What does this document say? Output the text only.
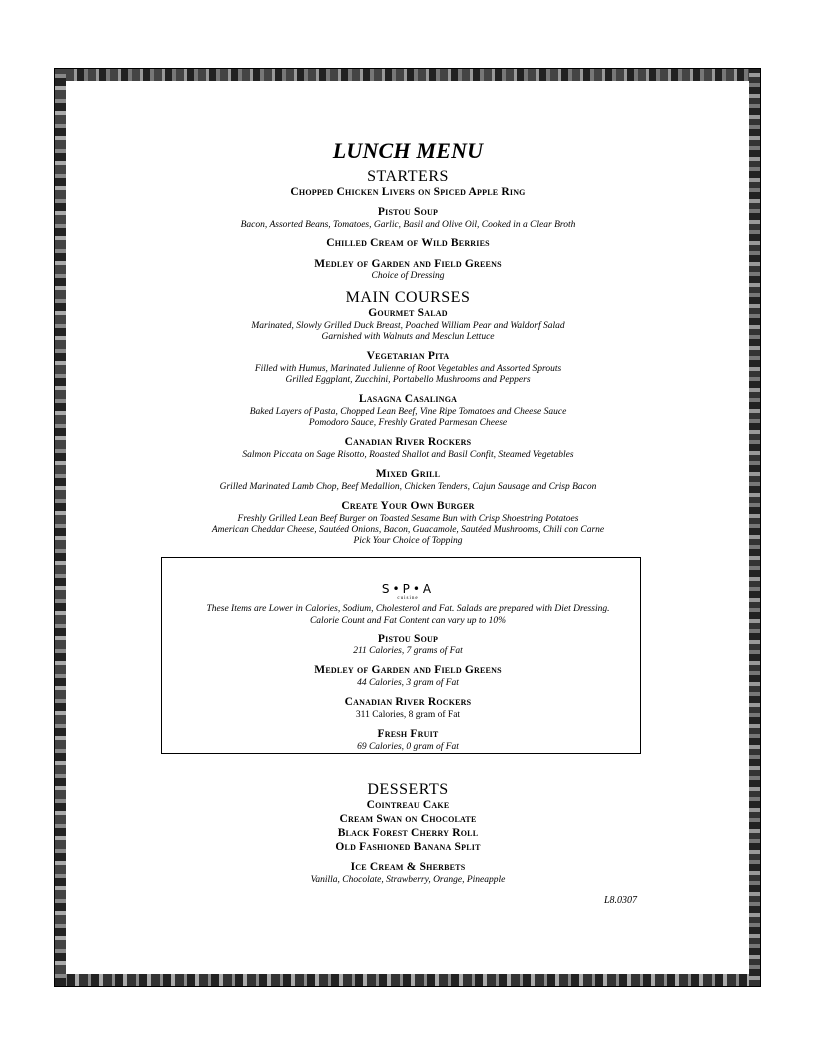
LUNCH MENU
STARTERS
Chopped Chicken Livers on Spiced Apple Ring
Pistou Soup
Bacon, Assorted Beans, Tomatoes, Garlic, Basil and Olive Oil, Cooked in a Clear Broth
Chilled Cream of Wild Berries
Medley of Garden and Field Greens
Choice of Dressing
MAIN COURSES
Gourmet Salad
Marinated, Slowly Grilled Duck Breast, Poached William Pear and Waldorf Salad
Garnished with Walnuts and Mesclun Lettuce
Vegetarian Pita
Filled with Humus, Marinated Julienne of Root Vegetables and Assorted Sprouts
Grilled Eggplant, Zucchini, Portabello Mushrooms and Peppers
Lasagna Casalinga
Baked Layers of Pasta, Chopped Lean Beef, Vine Ripe Tomatoes and Cheese Sauce
Pomodoro Sauce, Freshly Grated Parmesan Cheese
Canadian River Rockers
Salmon Piccata on Sage Risotto, Roasted Shallot and Basil Confit, Steamed Vegetables
Mixed Grill
Grilled Marinated Lamb Chop, Beef Medallion, Chicken Tenders, Cajun Sausage and Crisp Bacon
Create Your Own Burger
Freshly Grilled Lean Beef Burger on Toasted Sesame Bun with Crisp Shoestring Potatoes
American Cheddar Cheese, Sautéed Onions, Bacon, Guacamole, Sautéed Mushrooms, Chili con Carne
Pick Your Choice of Topping
S•P•A
cuisine
These Items are Lower in Calories, Sodium, Cholesterol and Fat. Salads are prepared with Diet Dressing.
Calorie Count and Fat Content can vary up to 10%
Pistou Soup
211 Calories, 7 grams of Fat
Medley of Garden and Field Greens
44 Calories, 3 gram of Fat
Canadian River Rockers
311 Calories, 8 gram of Fat
Fresh Fruit
69 Calories, 0 gram of Fat
DESSERTS
Cointreau Cake
Cream Swan on Chocolate
Black Forest Cherry Roll
Old Fashioned Banana Split
Ice Cream & Sherbets
Vanilla, Chocolate, Strawberry, Orange, Pineapple
L8.0307
